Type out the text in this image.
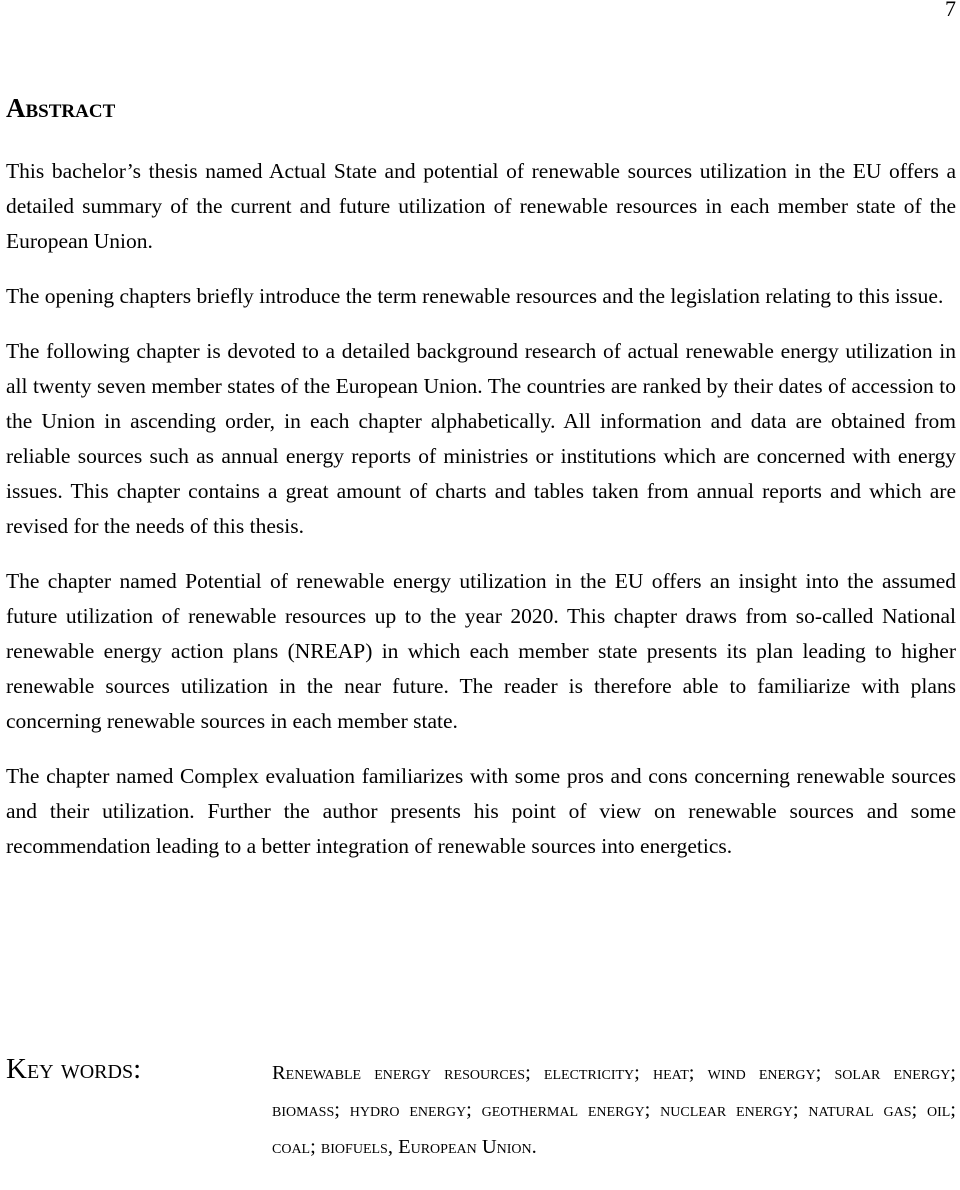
7
Abstract

This bachelor’s thesis named Actual State and potential of renewable sources utilization in the EU offers a detailed summary of the current and future utilization of renewable resources in each member state of the European Union.

The opening chapters briefly introduce the term renewable resources and the legislation relating to this issue.

The following chapter is devoted to a detailed background research of actual renewable energy utilization in all twenty seven member states of the European Union. The countries are ranked by their dates of accession to the Union in ascending order, in each chapter alphabetically. All information and data are obtained from reliable sources such as annual energy reports of ministries or institutions which are concerned with energy issues. This chapter contains a great amount of charts and tables taken from annual reports and which are revised for the needs of this thesis.

The chapter named Potential of renewable energy utilization in the EU offers an insight into the assumed future utilization of renewable resources up to the year 2020. This chapter draws from so-called National renewable energy action plans (NREAP) in which each member state presents its plan leading to higher renewable sources utilization in the near future. The reader is therefore able to familiarize with plans concerning renewable sources in each member state.

The chapter named Complex evaluation familiarizes with some pros and cons concerning renewable sources and their utilization. Further the author presents his point of view on renewable sources and some recommendation leading to a better integration of renewable sources into energetics.

Key words:	Renewable energy resources; electricity; heat; wind energy; solar energy; biomass; hydro energy; geothermal energy; nuclear energy; natural gas; oil; coal; biofuels, European Union.
